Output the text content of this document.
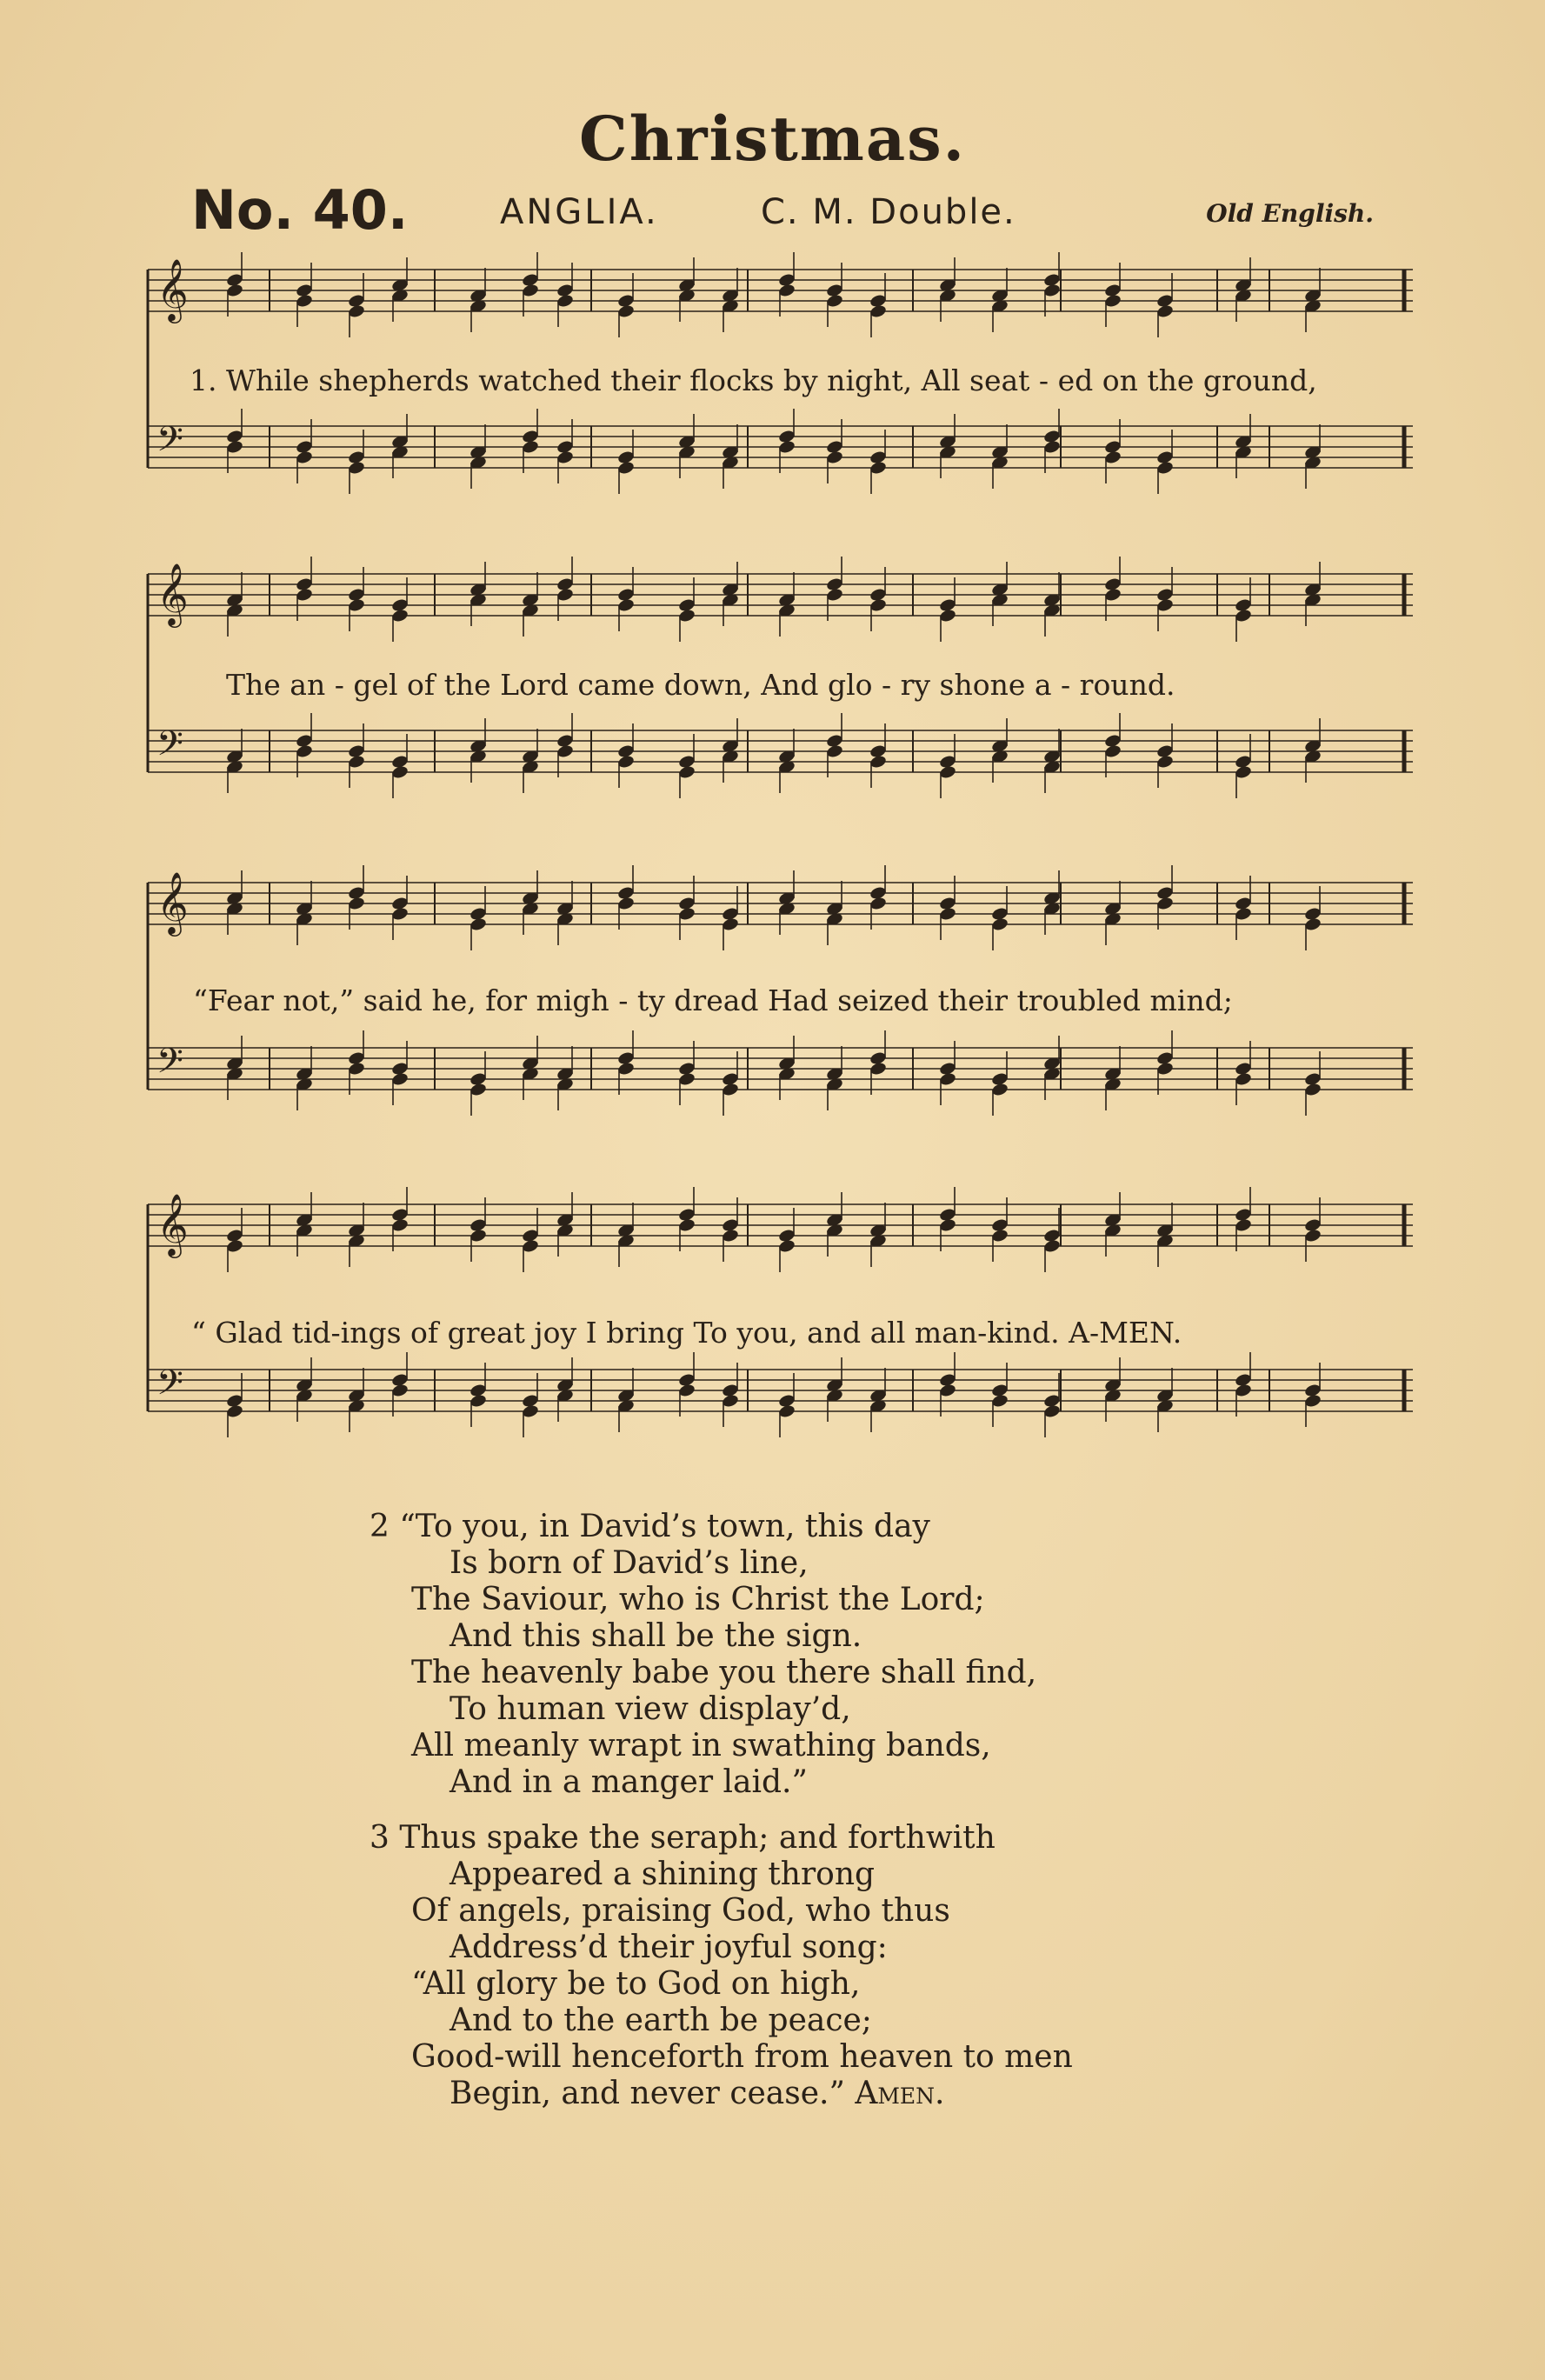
Christmas.
No. 40.	ANGLIA.	C. M. Double.	Old English.
𝄞
𝄢
1. While shepherds watched their flocks by night, All seat - ed on the ground,
𝄞
𝄢
The an - gel of the Lord came down, And glo - ry shone a - round.
𝄞
𝄢
“Fear not,” said he, for migh - ty dread Had seized their troubled mind;
𝄞
𝄢
“ Glad tid-ings of great joy I bring To you, and all man-kind. A-MEN.
2 “To you, in David’s town, this day
Is born of David’s line,
The Saviour, who is Christ the Lord;
And this shall be the sign.
The heavenly babe you there shall find,
To human view display’d,
All meanly wrapt in swathing bands,
And in a manger laid.”
3 Thus spake the seraph; and forthwith
Appeared a shining throng
Of angels, praising God, who thus
Address’d their joyful song:
“All glory be to God on high,
And to the earth be peace;
Good-will henceforth from heaven to men
Begin, and never cease.” Amen.
